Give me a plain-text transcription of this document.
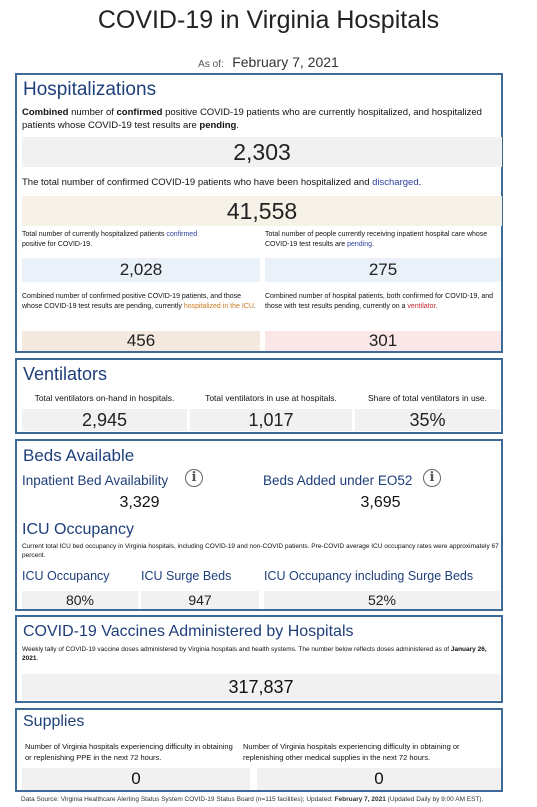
COVID-19 in Virginia Hospitals
As of: February 7, 2021
Hospitalizations
Combined number of confirmed positive COVID-19 patients who are currently hospitalized, and hospitalized patients whose COVID-19 test results are pending.
2,303
The total number of confirmed COVID-19 patients who have been hospitalized and discharged.
41,558
Total number of currently hospitalized patients confirmed positive for COVID-19.
2,028
Total number of people currently receiving inpatient hospital care whose COVID-19 test results are pending.
275
Combined number of confirmed positive COVID-19 patients, and those whose COVID-19 test results are pending, currently hospitalized in the ICU.
456
Combined number of hospital patients, both confirmed for COVID-19, and those with test results pending, currently on a ventilator.
301
Ventilators
Total ventilators on-hand in hospitals.
2,945
Total ventilators in use at hospitals.
1,017
Share of total ventilators in use.
35%
Beds Available
Inpatient Bed Availability	i
3,329
Beds Added under EO52	i
3,695
ICU Occupancy
Current total ICU bed occupancy in Virginia hospitals, including COVID-19 and non-COVID patients. Pre-COVID average ICU occupancy rates were approximately 67 percent.
ICU Occupancy
80%
ICU Surge Beds
947
ICU Occupancy including Surge Beds
52%
COVID-19 Vaccines Administered by Hospitals
Weekly tally of COVID-19 vaccine doses administered by Virginia hospitals and health systems. The number below reflects doses administered as of January 26, 2021.
317,837
Supplies
Number of Virginia hospitals experiencing difficulty in obtaining or replenishing PPE in the next 72 hours.
0
Number of Virginia hospitals experiencing difficulty in obtaining or replenishing other medical supplies in the next 72 hours.
0
Data Source: Virginia Healthcare Alerting Status System COVID-19 Status Board (n=115 facilities); Updated: February 7, 2021 (Updated Daily by 9:00 AM EST).
